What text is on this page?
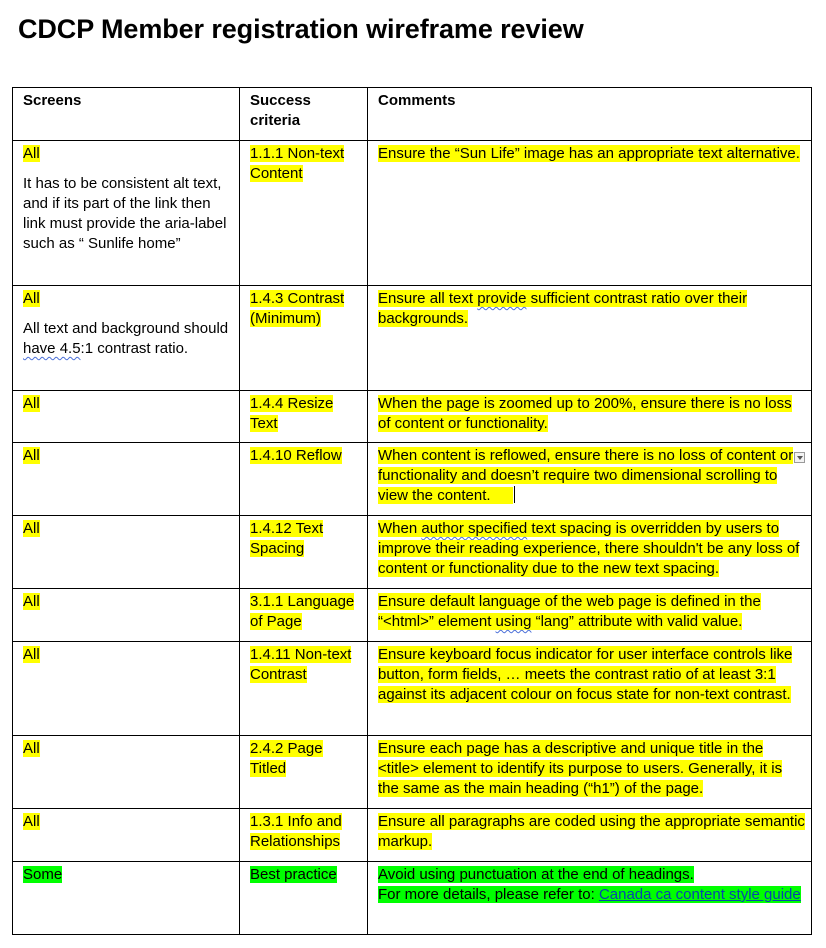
CDCP Member registration wireframe review
Screens	Success criteria	Comments
All
It has to be consistent alt text, and if its part of the link then link must provide the aria-label such as “ Sunlife home”	1.1.1 Non-text Content	Ensure the “Sun Life” image has an appropriate text alternative.
All
All text and background should have 4.5:1 contrast ratio.	1.4.3 Contrast (Minimum)	Ensure all text provide sufficient contrast ratio over their backgrounds.
All	1.4.4 Resize Text	When the page is zoomed up to 200%, ensure there is no loss of content or functionality.
All	1.4.10 Reflow	When content is reflowed, ensure there is no loss of content or functionality and doesn’t require two dimensional scrolling to view the content.

All	1.4.12 Text Spacing	When author specified text spacing is overridden by users to improve their reading experience, there shouldn't be any loss of content or functionality due to the new text spacing.
All	3.1.1 Language of Page	Ensure default language of the web page is defined in the “<html>” element using “lang” attribute with valid value.
All	1.4.11 Non-text Contrast	Ensure keyboard focus indicator for user interface controls like button, form fields, … meets the contrast ratio of at least 3:1 against its adjacent colour on focus state for non-text contrast.
All	2.4.2 Page Titled	Ensure each page has a descriptive and unique title in the <title> element to identify its purpose to users. Generally, it is the same as the main heading (“h1”) of the page.
All	1.3.1 Info and Relationships	Ensure all paragraphs are coded using the appropriate semantic markup.
Some	Best practice	Avoid using punctuation at the end of headings.
For more details, please refer to: Canada ca content style guide
